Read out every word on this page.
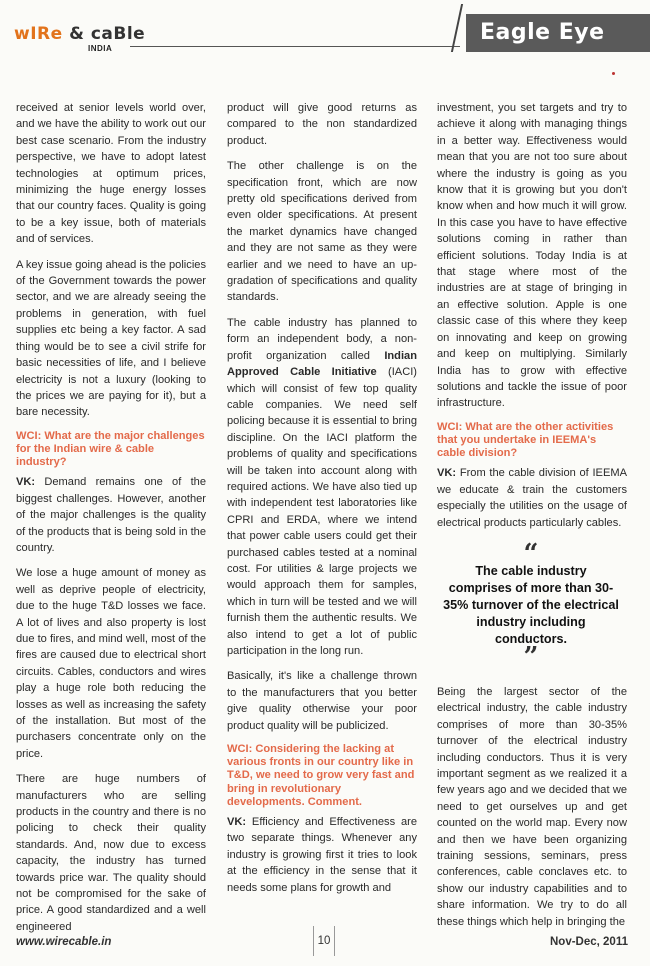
wIRe & caBle
INDIA
Eagle Eye

received at senior levels world over, and we have the ability to work out our best case scenario. From the industry perspective, we have to adopt latest technologies at optimum prices, minimizing the huge energy losses that our country faces. Quality is going to be a key issue, both of materials and of services.

A key issue going ahead is the policies of the Government towards the power sector, and we are already seeing the problems in generation, with fuel supplies etc being a key factor. A sad thing would be to see a civil strife for basic necessities of life, and I believe electricity is not a luxury (looking to the prices we are paying for it), but a bare necessity.

WCI: What are the major challenges for the Indian wire & cable industry?

VK: Demand remains one of the biggest challenges. However, another of the major challenges is the quality of the products that is being sold in the country.

We lose a huge amount of money as well as deprive people of electricity, due to the huge T&D losses we face. A lot of lives and also property is lost due to fires, and mind well, most of the fires are caused due to electrical short circuits. Cables, conductors and wires play a huge role both reducing the losses as well as increasing the safety of the installation. But most of the purchasers concentrate only on the price.

There are huge numbers of manufacturers who are selling products in the country and there is no policing to check their quality standards. And, now due to excess capacity, the industry has turned towards price war. The quality should not be compromised for the sake of price. A good standardized and a well engineered

product will give good returns as compared to the non standardized product.

The other challenge is on the specification front, which are now pretty old specifications derived from even older specifications. At present the market dynamics have changed and they are not same as they were earlier and we need to have an up-gradation of specifications and quality standards.

The cable industry has planned to form an independent body, a non-profit organization called Indian Approved Cable Initiative (IACI) which will consist of few top quality cable companies. We need self policing because it is essential to bring discipline. On the IACI platform the problems of quality and specifications will be taken into account along with required actions. We have also tied up with independent test laboratories like CPRI and ERDA, where we intend that power cable users could get their purchased cables tested at a nominal cost. For utilities & large projects we would approach them for samples, which in turn will be tested and we will furnish them the authentic results. We also intend to get a lot of public participation in the long run.

Basically, it's like a challenge thrown to the manufacturers that you better give quality otherwise your poor product quality will be publicized.

WCI: Considering the lacking at various fronts in our country like in T&D, we need to grow very fast and bring in revolutionary developments. Comment.

VK: Efficiency and Effectiveness are two separate things. Whenever any industry is growing first it tries to look at the efficiency in the sense that it needs some plans for growth and

investment, you set targets and try to achieve it along with managing things in a better way. Effectiveness would mean that you are not too sure about where the industry is going as you know that it is growing but you don't know when and how much it will grow. In this case you have to have effective solutions coming in rather than efficient solutions. Today India is at that stage where most of the industries are at stage of bringing in an effective solution. Apple is one classic case of this where they keep on innovating and keep on growing and keep on multiplying. Similarly India has to grow with effective solutions and tackle the issue of poor infrastructure.

WCI: What are the other activities that you undertake in IEEMA's cable division?

VK: From the cable division of IEEMA we educate & train the customers especially the utilities on the usage of electrical products particularly cables.

“
The cable industry comprises of more than 30-35% turnover of the electrical industry including conductors.
”

Being the largest sector of the electrical industry, the cable industry comprises of more than 30-35% turnover of the electrical industry including conductors. Thus it is very important segment as we realized it a few years ago and we decided that we need to get ourselves up and get counted on the world map. Every now and then we have been organizing training sessions, seminars, press conferences, cable conclaves etc. to show our industry capabilities and to share information. We try to do all these things which help in bringing the

www.wirecable.in	10	Nov-Dec, 2011
